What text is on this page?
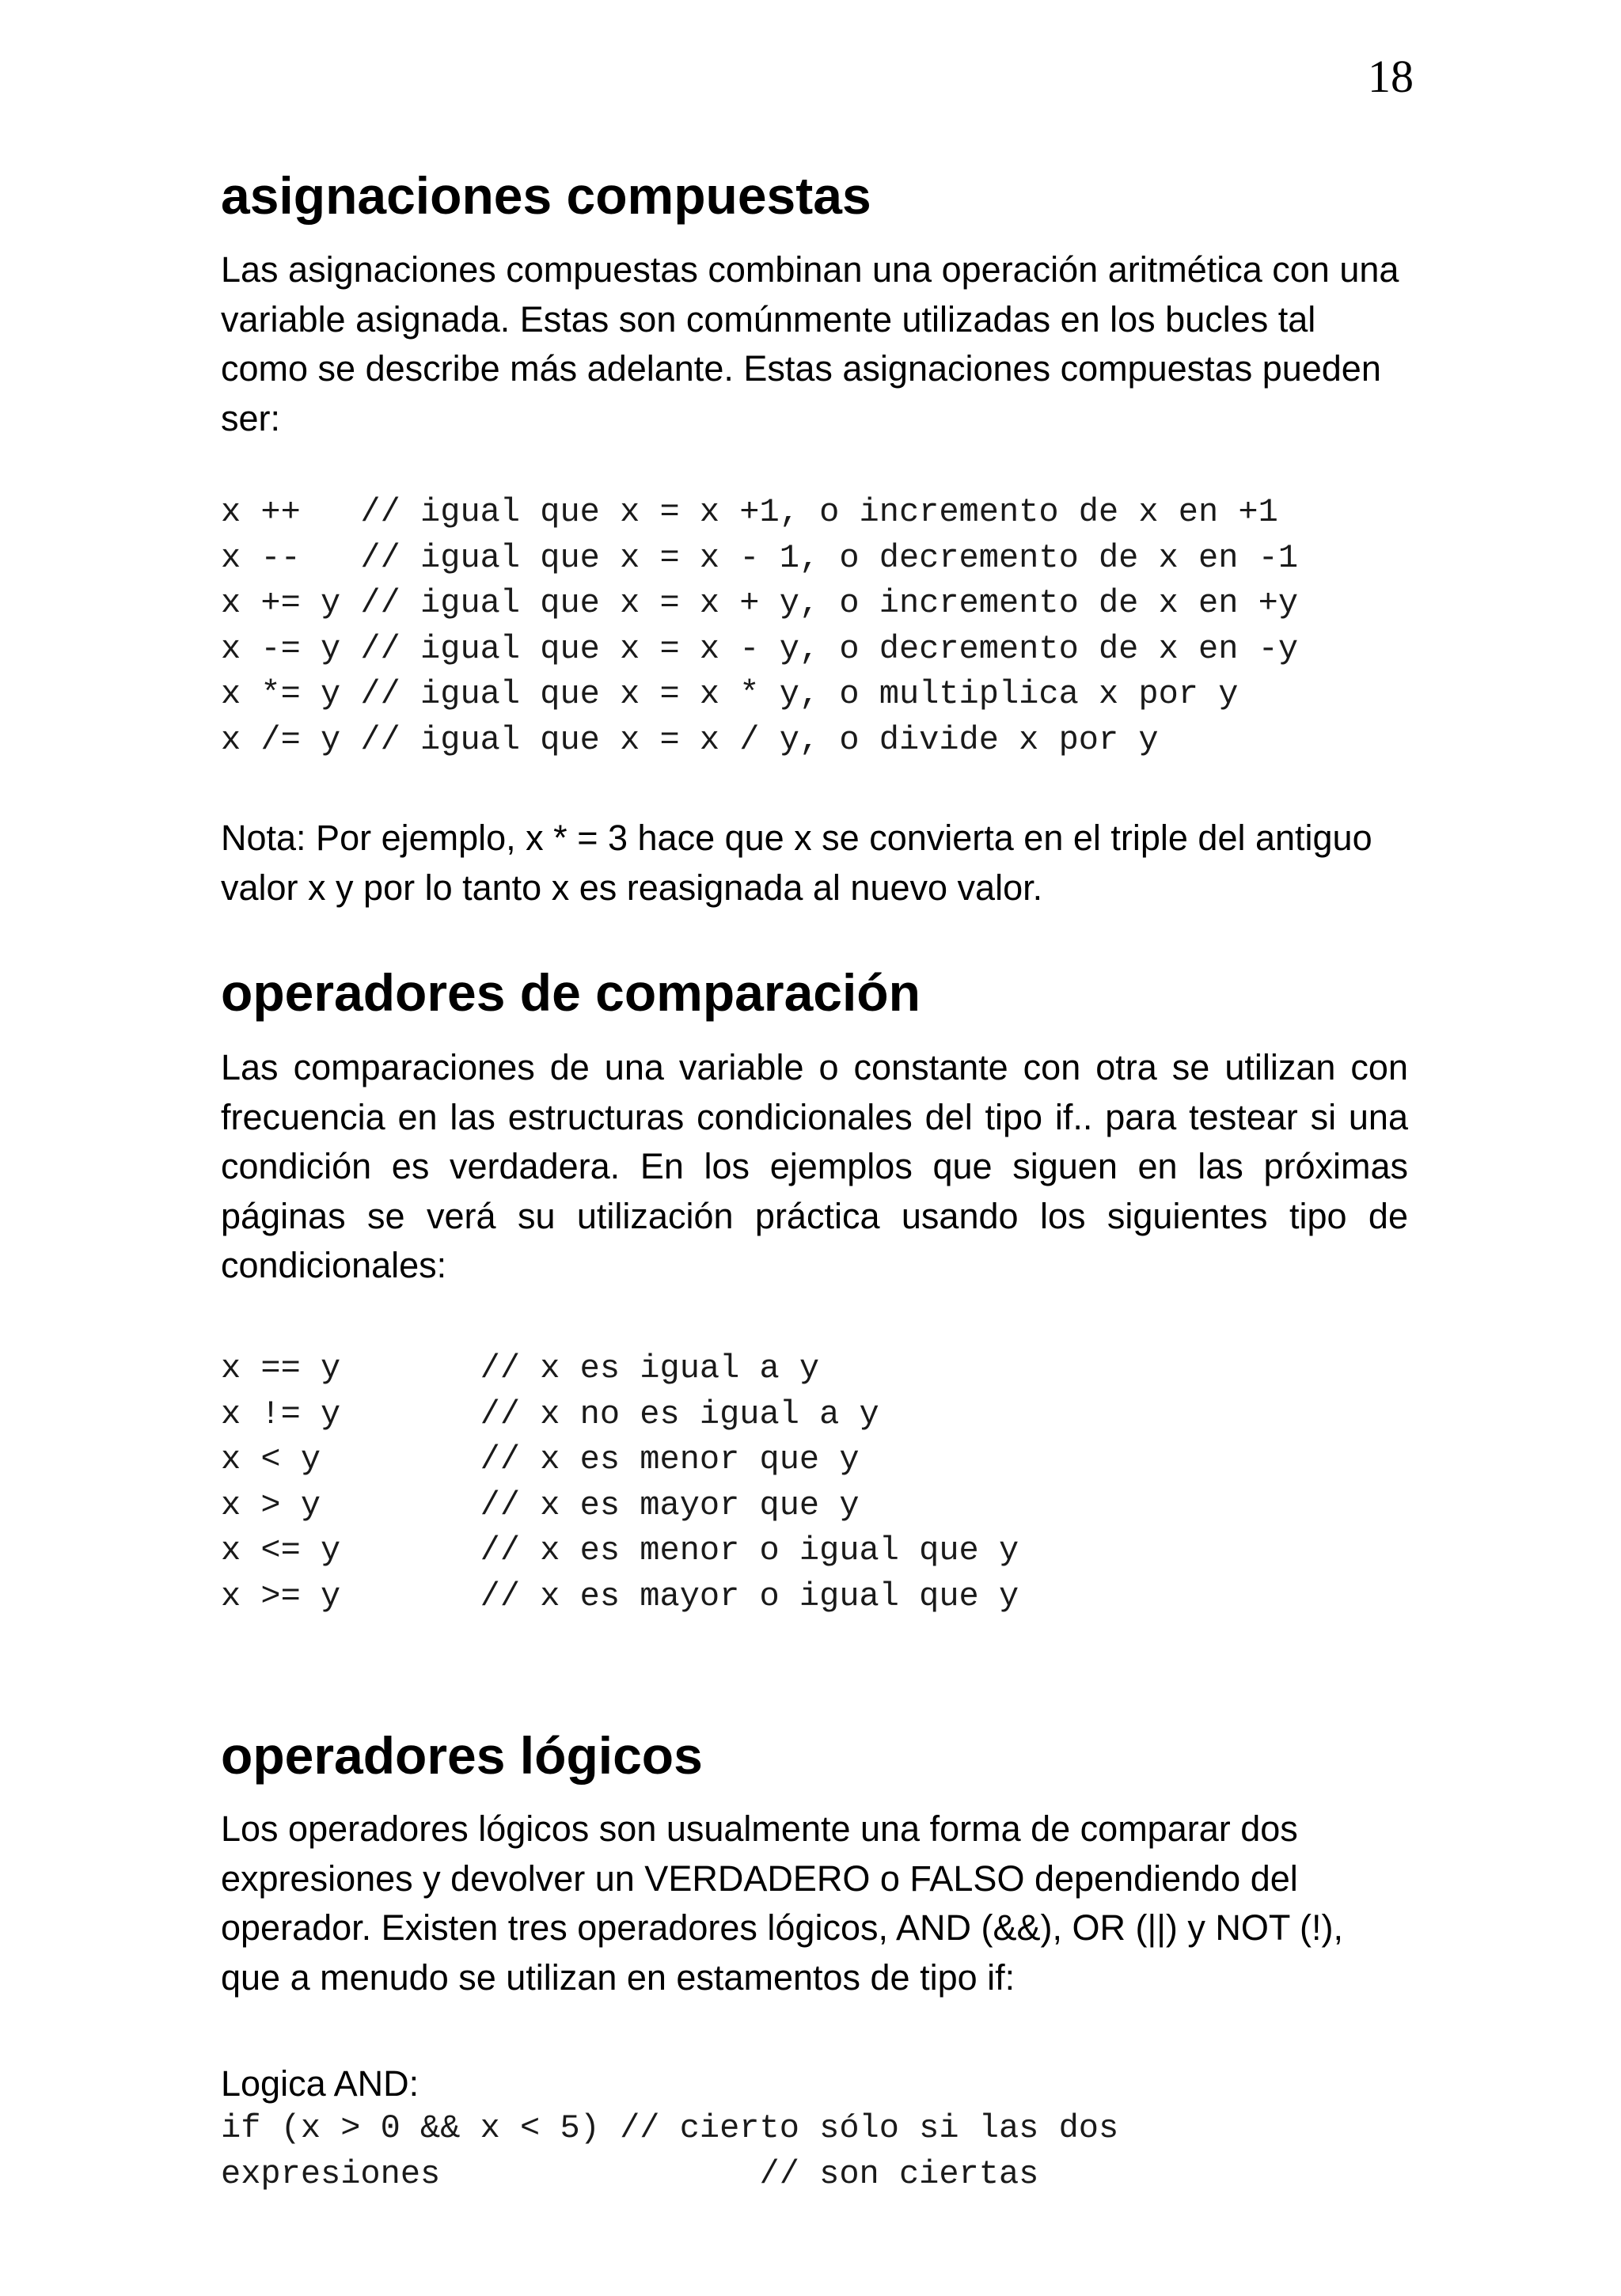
18

asignaciones compuestas

Las asignaciones compuestas combinan una operación aritmética con una variable asignada. Estas son comúnmente utilizadas en los bucles tal como se describe más adelante. Estas asignaciones compuestas pueden ser:

x ++   // igual que x = x +1, o incremento de x en +1
x --   // igual que x = x - 1, o decremento de x en -1
x += y // igual que x = x + y, o incremento de x en +y
x -= y // igual que x = x - y, o decremento de x en -y
x *= y // igual que x = x * y, o multiplica x por y
x /= y // igual que x = x / y, o divide x por y

Nota: Por ejemplo, x * = 3 hace que x se convierta en el triple del antiguo valor x y por lo tanto x es reasignada al nuevo valor.

operadores de comparación

Las comparaciones de una variable o constante con otra se utilizan con frecuencia en las estructuras condicionales del tipo if.. para testear si una condición es verdadera. En los ejemplos que siguen en las próximas páginas se verá su utilización práctica usando los siguientes tipo de condicionales:

x == y       // x es igual a y
x != y       // x no es igual a y
x < y        // x es menor que y
x > y        // x es mayor que y
x <= y       // x es menor o igual que y
x >= y       // x es mayor o igual que y
operadores lógicos

Los operadores lógicos son usualmente una forma de comparar dos expresiones y devolver un VERDADERO o FALSO dependiendo del operador. Existen tres operadores lógicos, AND (&&), OR (||) y NOT (!), que a menudo se utilizan en estamentos de tipo if:

Logica AND:

if (x > 0 && x < 5) // cierto sólo si las dos
expresiones                // son ciertas
